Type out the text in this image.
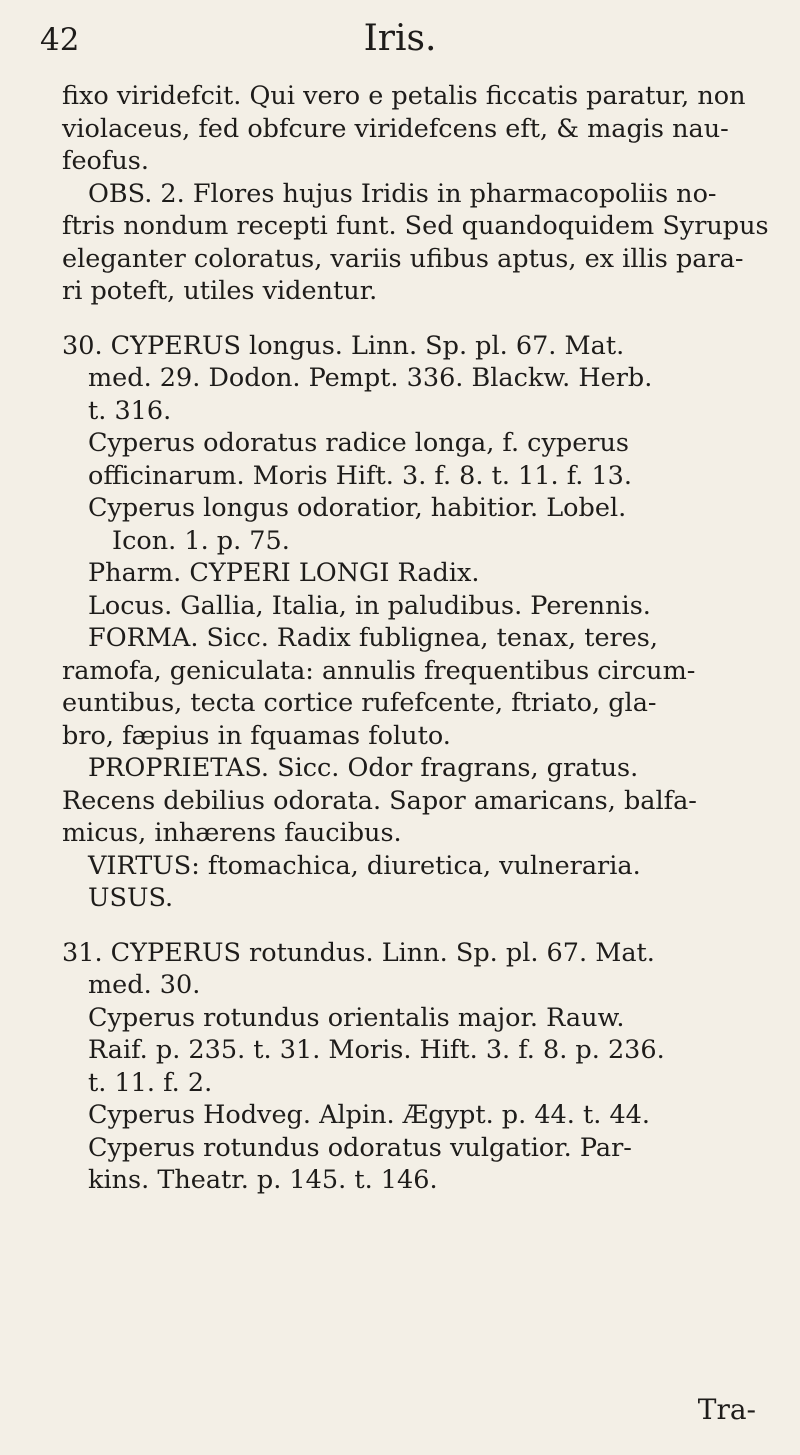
42	Iris.
fixo viridefcit. Qui vero e petalis ficcatis paratur, non
violaceus, fed obfcure viridefcens eft, & magis nau-
feofus.
OBS. 2. Flores hujus Iridis in pharmacopoliis no-
ftris nondum recepti funt. Sed quandoquidem Syrupus
eleganter coloratus, variis ufibus aptus, ex illis para-
ri poteft, utiles videntur.
30. CYPERUS longus. Linn. Sp. pl. 67. Mat.
med. 29. Dodon. Pempt. 336. Blackw. Herb.
t. 316.
Cyperus odoratus radice longa, f. cyperus
officinarum. Moris Hift. 3. f. 8. t. 11. f. 13.
Cyperus longus odoratior, habitior. Lobel.
Icon. 1. p. 75.
Pharm. CYPERI LONGI Radix.
Locus. Gallia, Italia, in paludibus. Perennis.
FORMA. Sicc. Radix fublignea, tenax, teres,
ramofa, geniculata: annulis frequentibus circum-
euntibus, tecta cortice rufefcente, ftriato, gla-
bro, fæpius in fquamas foluto.
PROPRIETAS. Sicc. Odor fragrans, gratus.
Recens debilius odorata. Sapor amaricans, balfa-
micus, inhærens faucibus.
VIRTUS: ftomachica, diuretica, vulneraria.
USUS.
31. CYPERUS rotundus. Linn. Sp. pl. 67. Mat.
med. 30.
Cyperus rotundus orientalis major. Rauw.
Raif. p. 235. t. 31. Moris. Hift. 3. f. 8. p. 236.
t. 11. f. 2.
Cyperus Hodveg. Alpin. Ægypt. p. 44. t. 44.
Cyperus rotundus odoratus vulgatior. Par-
kins. Theatr. p. 145. t. 146.
Tra-
